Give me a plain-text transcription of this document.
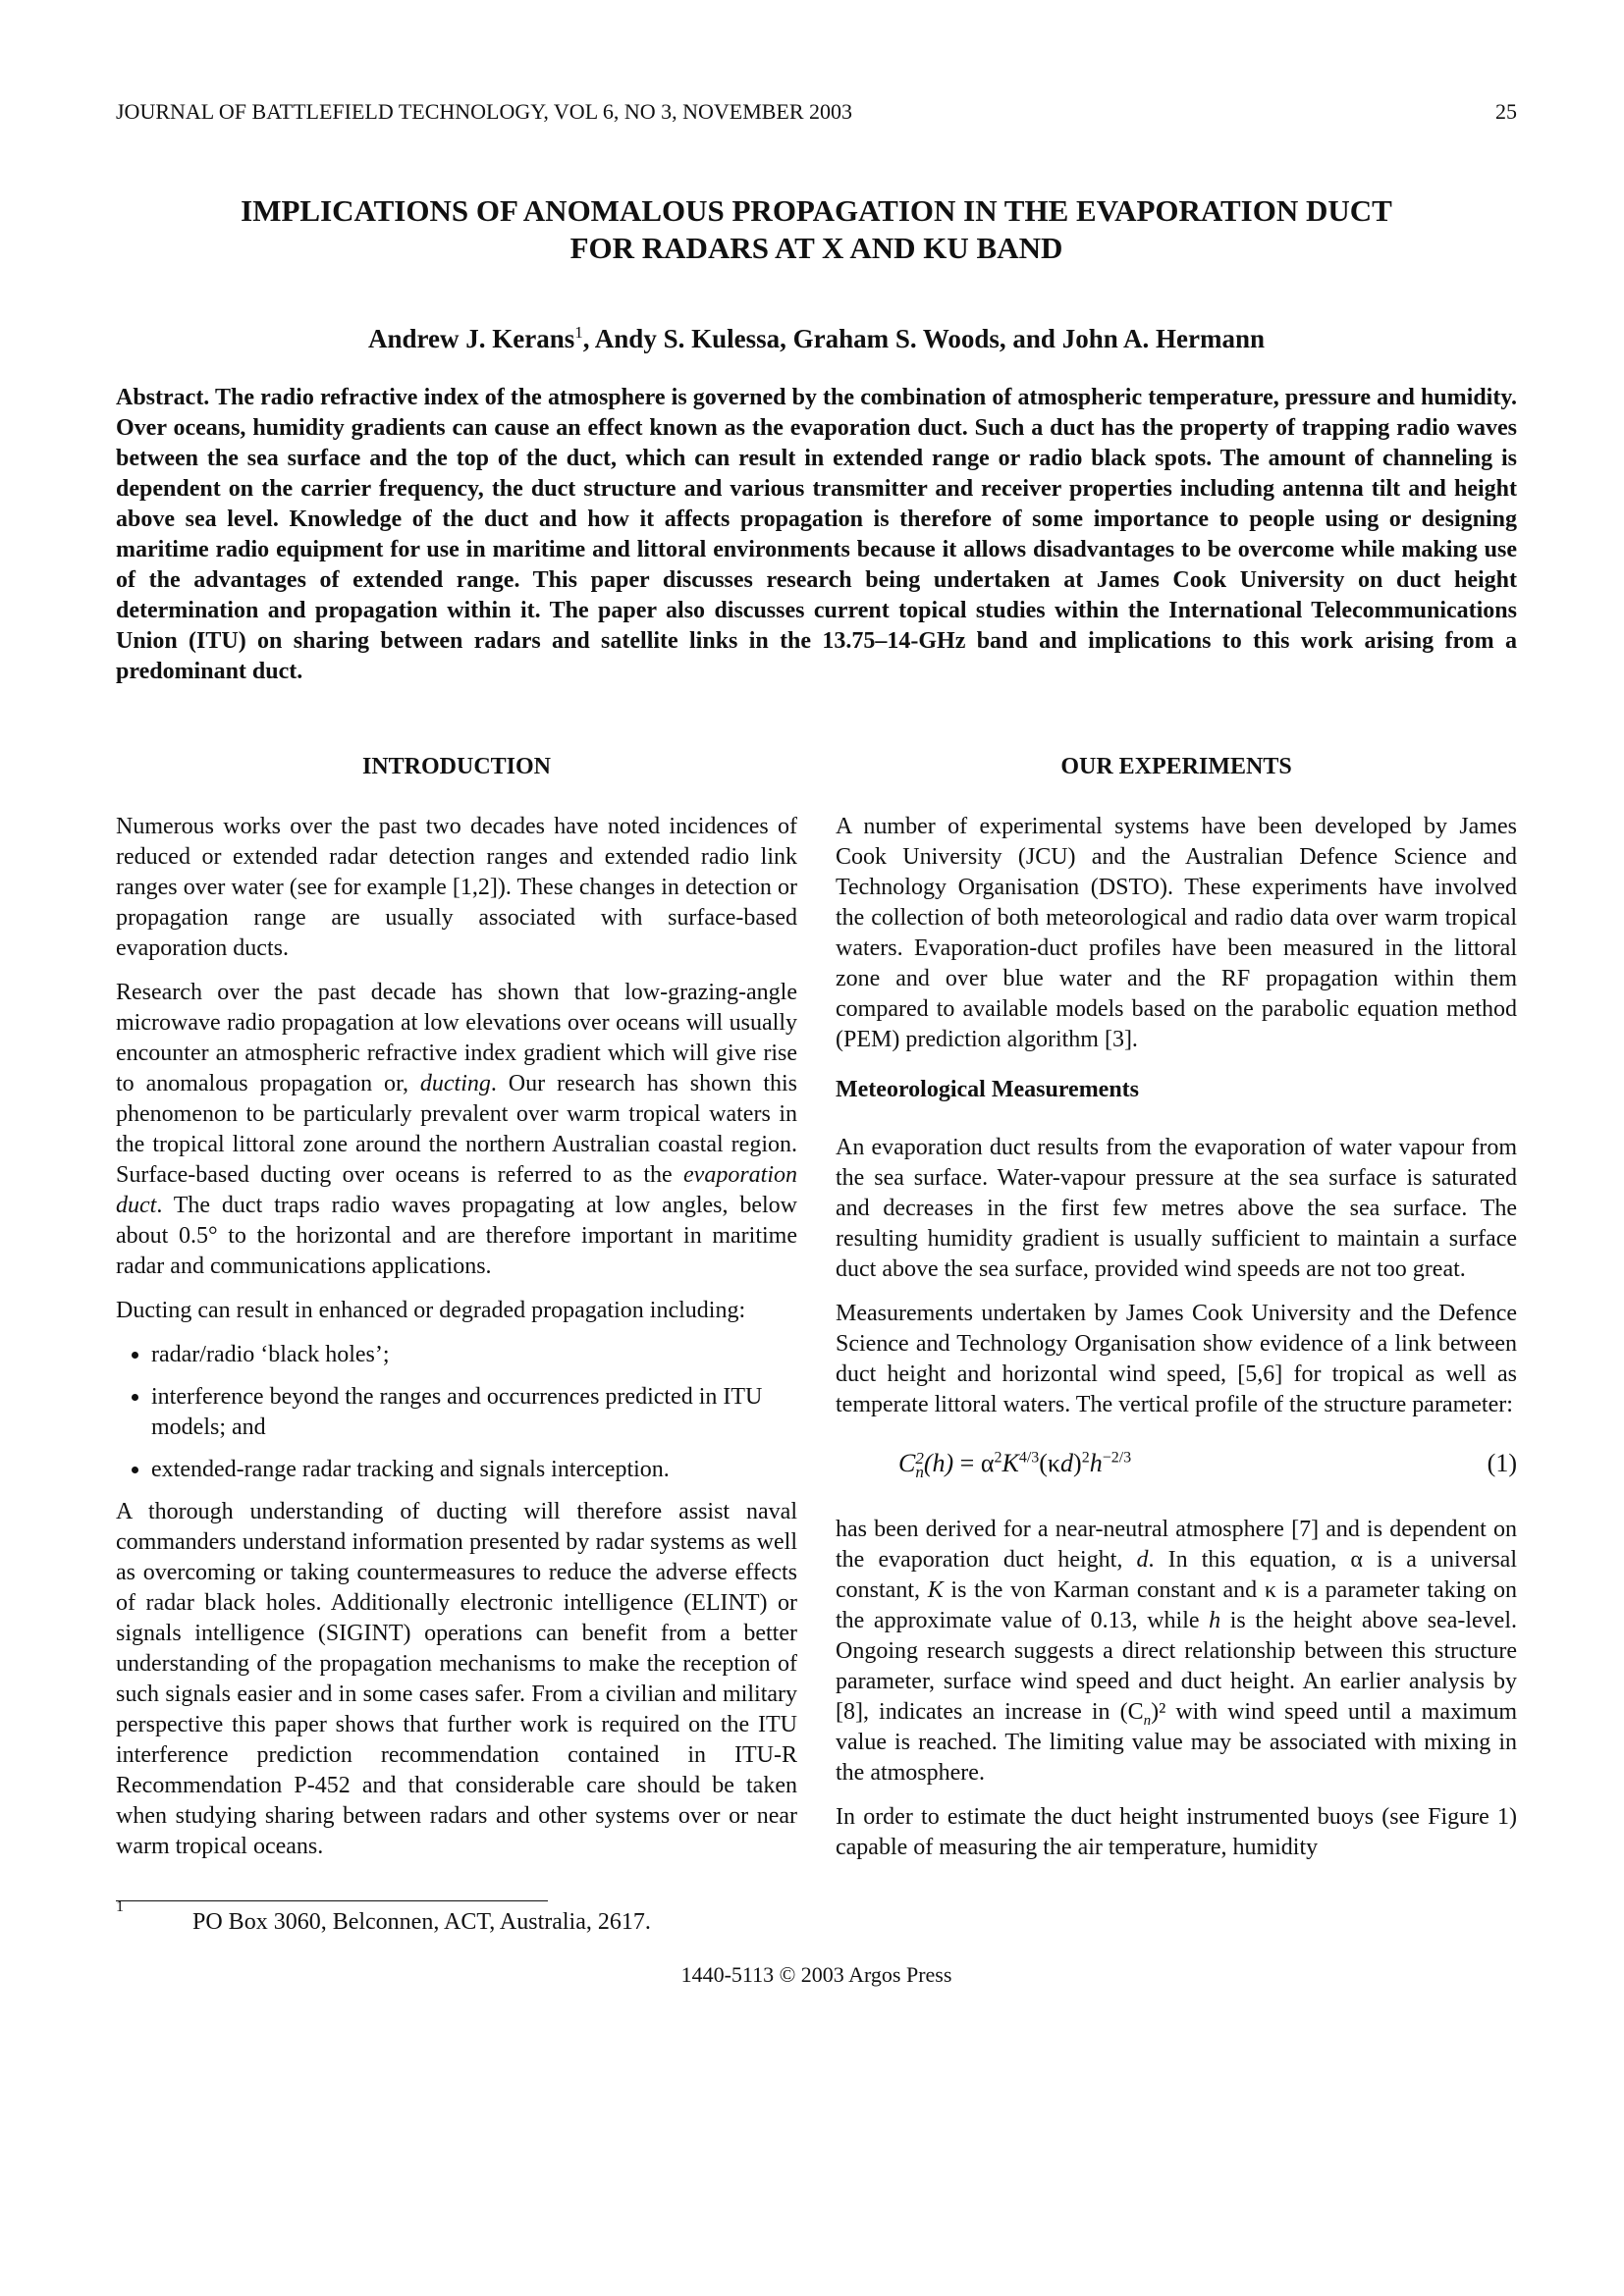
JOURNAL OF BATTLEFIELD TECHNOLOGY, VOL 6, NO 3, NOVEMBER 2003	25
IMPLICATIONS OF ANOMALOUS PROPAGATION IN THE EVAPORATION DUCT
FOR RADARS AT X AND KU BAND
Andrew J. Kerans$^1$, Andy S. Kulessa, Graham S. Woods, and John A. Hermann
Abstract. The radio refractive index of the atmosphere is governed by the combination of atmospheric temperature, pressure and humidity. Over oceans, humidity gradients can cause an effect known as the evaporation duct. Such a duct has the property of trapping radio waves between the sea surface and the top of the duct, which can result in extended range or radio black spots. The amount of channeling is dependent on the carrier frequency, the duct structure and various transmitter and receiver properties including antenna tilt and height above sea level. Knowledge of the duct and how it affects propagation is therefore of some importance to people using or designing maritime radio equipment for use in maritime and littoral environments because it allows disadvantages to be overcome while making use of the advantages of extended range. This paper discusses research being undertaken at James Cook University on duct height determination and propagation within it. The paper also discusses current topical studies within the International Telecommunications Union (ITU) on sharing between radars and satellite links in the 13.75–14-GHz band and implications to this work arising from a predominant duct.
INTRODUCTION

Numerous works over the past two decades have noted incidences of reduced or extended radar detection ranges and extended radio link ranges over water (see for example [1,2]). These changes in detection or propagation range are usually associated with surface-based evaporation ducts.

Research over the past decade has shown that low-grazing-angle microwave radio propagation at low elevations over oceans will usually encounter an atmospheric refractive index gradient which will give rise to anomalous propagation or, ducting. Our research has shown this phenomenon to be particularly prevalent over warm tropical waters in the tropical littoral zone around the northern Australian coastal region. Surface-based ducting over oceans is referred to as the evaporation duct. The duct traps radio waves propagating at low angles, below about 0.5° to the horizontal and are therefore important in maritime radar and communications applications.

Ducting can result in enhanced or degraded propagation including:

• radar/radio ‘black holes’;
• interference beyond the ranges and occurrences predicted in ITU models; and
• extended-range radar tracking and signals interception.

A thorough understanding of ducting will therefore assist naval commanders understand information presented by radar systems as well as overcoming or taking countermeasures to reduce the adverse effects of radar black holes. Additionally electronic intelligence (ELINT) or signals intelligence (SIGINT) operations can benefit from a better understanding of the propagation mechanisms to make the reception of such signals easier and in some cases safer. From a civilian and military perspective this paper shows that further work is required on the ITU interference prediction recommendation contained in ITU-R Recommendation P-452 and that considerable care should be taken when studying sharing between radars and other systems over or near warm tropical oceans.

OUR EXPERIMENTS

A number of experimental systems have been developed by James Cook University (JCU) and the Australian Defence Science and Technology Organisation (DSTO). These experiments have involved the collection of both meteorological and radio data over warm tropical waters. Evaporation-duct profiles have been measured in the littoral zone and over blue water and the RF propagation within them compared to available models based on the parabolic equation method (PEM) prediction algorithm [3].

Meteorological Measurements

An evaporation duct results from the evaporation of water vapour from the sea surface. Water-vapour pressure at the sea surface is saturated and decreases in the first few metres above the sea surface. The resulting humidity gradient is usually sufficient to maintain a surface duct above the sea surface, provided wind speeds are not too great.

Measurements undertaken by James Cook University and the Defence Science and Technology Organisation show evidence of a link between duct height and horizontal wind speed, [5,6] for tropical as well as temperate littoral waters. The vertical profile of the structure parameter:

C 2
n $(h) = \alpha^2K^{4/3}(\kappa d)^2h^{-2/3}$	(1)

has been derived for a near-neutral atmosphere [7] and is dependent on the evaporation duct height, d. In this equation, α is a universal constant, K is the von Karman constant and κ is a parameter taking on the approximate value of 0.13, while h is the height above sea-level. Ongoing research suggests a direct relationship between this structure parameter, surface wind speed and duct height. An earlier analysis by [8], indicates an increase in $(C_n)^2$ with wind speed until a maximum value is reached. The limiting value may be associated with mixing in the atmosphere.

In order to estimate the duct height instrumented buoys (see Figure 1) capable of measuring the air temperature, humidity

1
PO Box 3060, Belconnen, ACT, Australia, 2617.
1440-5113 © 2003 Argos Press
